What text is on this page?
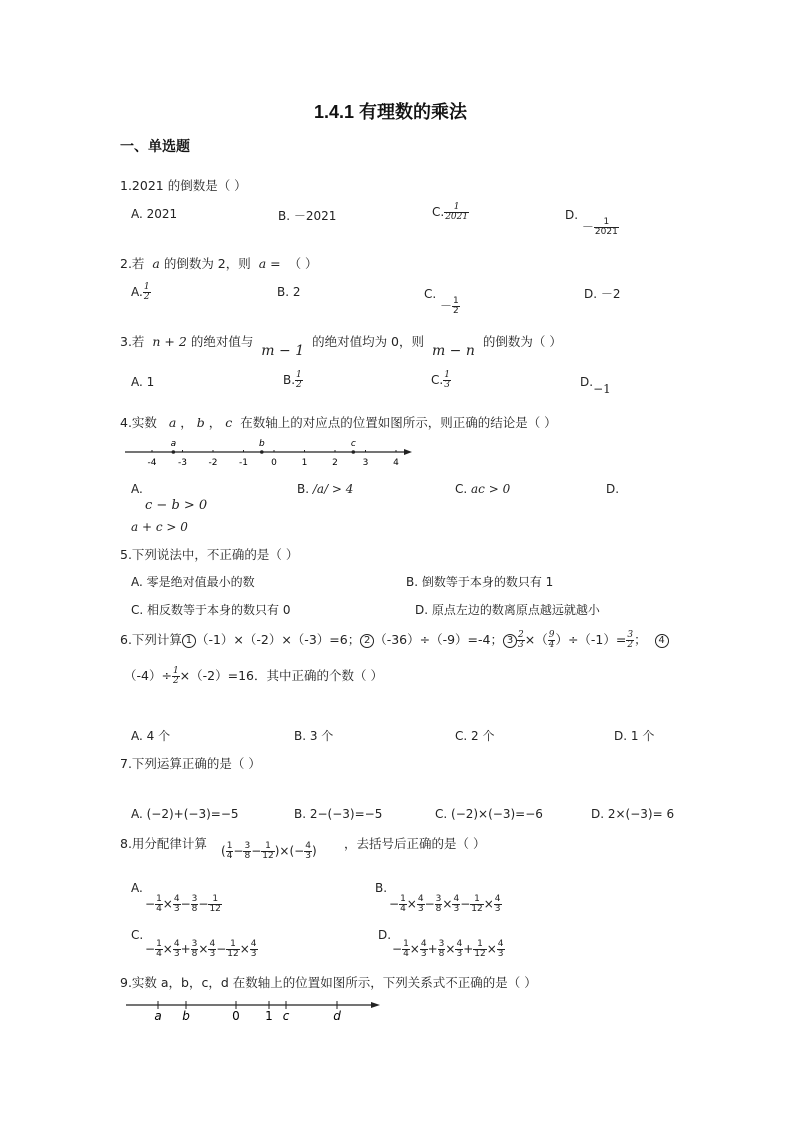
1.4.1 有理数的乘法
一、单选题
1.2021 的倒数是（ ）
A. 2021	B. －2021	C. $\frac{1}{2021}$	D. － $\frac{1}{2021}$
2.若 a 的倒数为 2，则 a = （ ）
A. $\frac{1}{2}$	B. 2	C. － $\frac{1}{2}$
D. －2
3.若 n + 2 的绝对值与  m − 1  的绝对值均为 0，则  m − n  的倒数为（ ）
A. 1	B. $\frac{1}{2}$	C. $\frac{1}{3}$	D.−1
4.实数 a ， b ， c 在数轴上的对应点的位置如图所示，则正确的结论是（ ）
-4 -3 -2 -1	0	1	2	3	4
a	b	c
A.
c − b > 0
B. /a/ > 4	C. ac > 0	D.
a + c > 0
5.下列说法中，不正确的是（ ）
A. 零是绝对值最小的数	B. 倒数等于本身的数只有 1
C. 相反数等于本身的数只有 0	D. 原点左边的数离原点越远就越小
6.下列计算 1 （-1）×（-2）×（-3）=6； 2 （-36）÷（-9）=-4； $3 \frac{2}{3}$ ×（ $\frac{9}{4} )\div(-1)= \frac{3}{2}$ ； 4
$(-4)\div \frac{1}{2} \times(-2)=16$．其中正确的个数（ ）
A. 4 个	B. 3 个	C. 2 个	D. 1 个
7.下列运算正确的是（ ）
A. (−2)+(−3)=−5	B. 2−(−3)=−5	C. (−2)×(−3)=−6	D. 2×(−3)= 6
8.用分配律计算 ( $\frac{1}{4} - \frac{3}{8} - \frac{1}{12}$ )×(− $\frac{4}{3}$ ) ，去括号后正确的是（ ）
A.
− $\frac{1}{4} \times \frac{4}{3} - \frac{3}{8} - \frac{1}{12}$
B.
− $\frac{1}{4} \times \frac{4}{3} - \frac{3}{8} \times \frac{4}{3} - \frac{1}{12} \times \frac{4}{3}$
C.
− $\frac{1}{4} \times \frac{4}{3} + \frac{3}{8} \times \frac{4}{3} - \frac{1}{12} \times \frac{4}{3}$
D.
− $\frac{1}{4} \times \frac{4}{3} + \frac{3}{8} \times \frac{4}{3} + \frac{1}{12} \times \frac{4}{3}$
9.实数 a，b，c，d 在数轴上的位置如图所示，下列关系式不正确的是（ ）
a b	0 1 c	d
